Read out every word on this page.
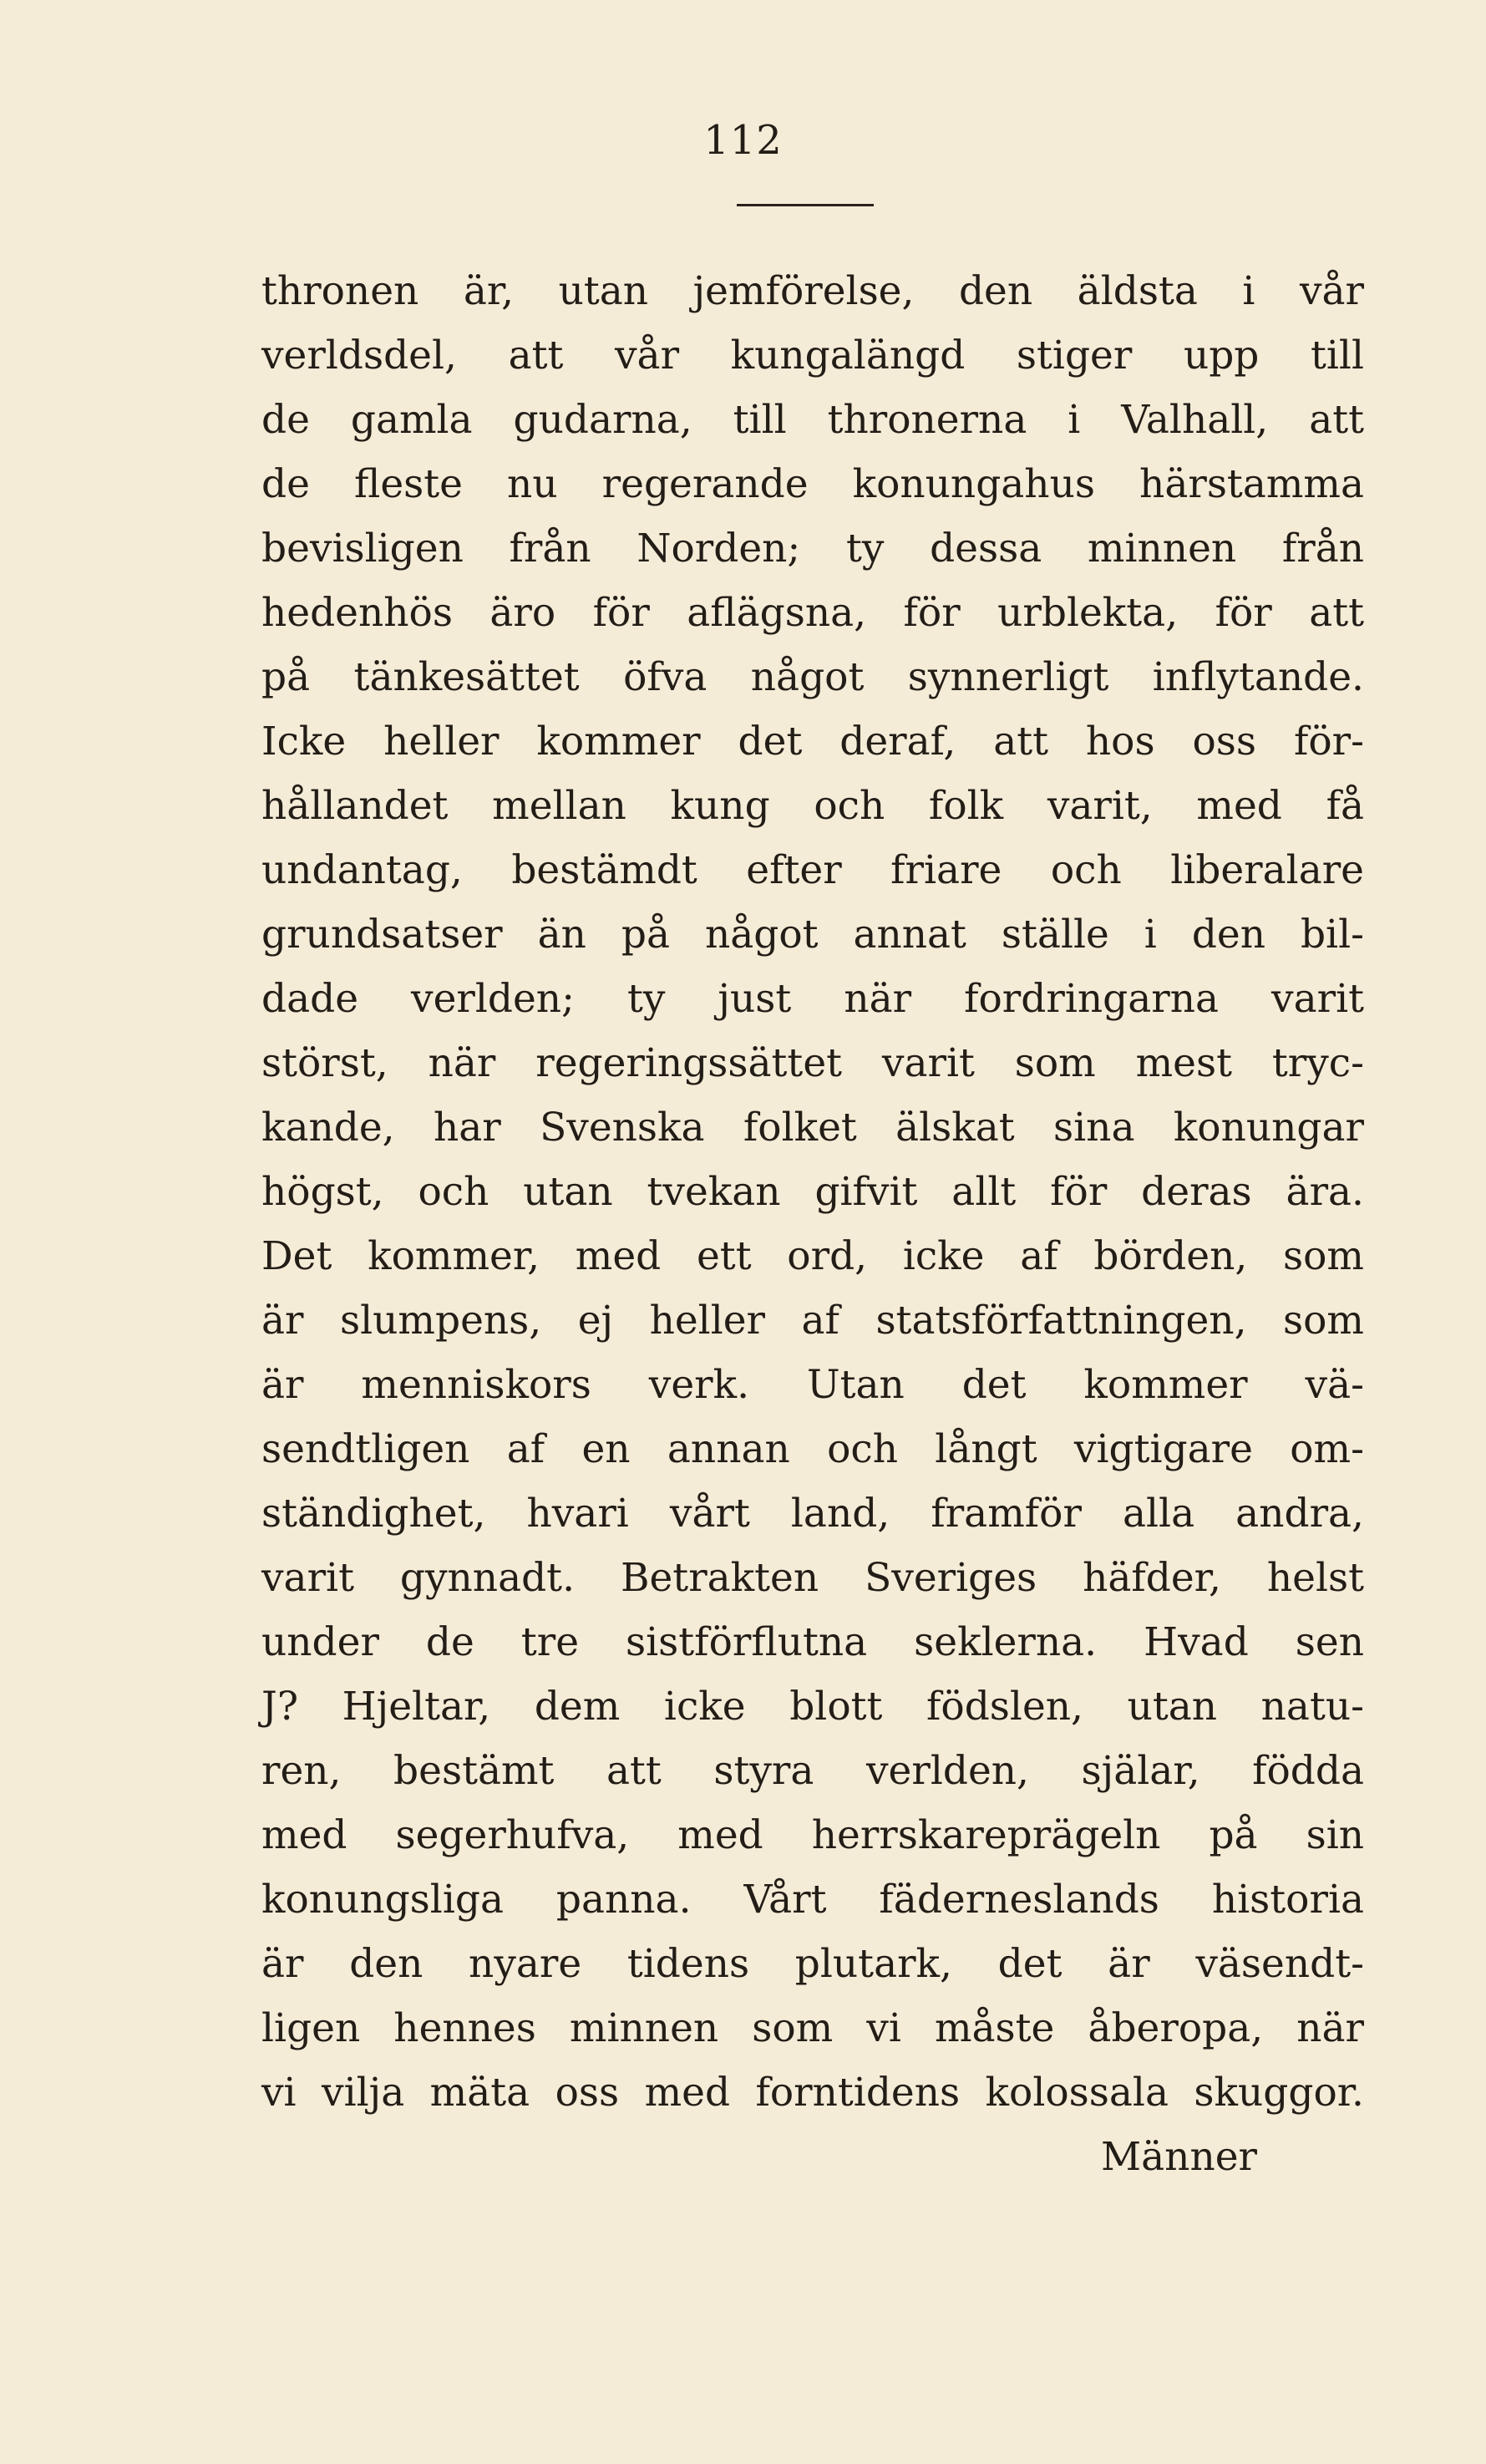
112
thronen är, utan jemförelse, den äldsta i vår
verldsdel, att vår kungalängd stiger upp till
de gamla gudarna, till thronerna i Valhall, att
de fleste nu regerande konungahus härstamma
bevisligen från Norden; ty dessa minnen från
hedenhös äro för aflägsna, för urblekta, för att
på tänkesättet öfva något synnerligt inflytande.
Icke heller kommer det deraf, att hos oss för-
hållandet mellan kung och folk varit, med få
undantag, bestämdt efter friare och liberalare
grundsatser än på något annat ställe i den bil-
dade verlden; ty just när fordringarna varit
störst, när regeringssättet varit som mest tryc-
kande, har Svenska folket älskat sina konungar
högst, och utan tvekan gifvit allt för deras ära.
Det kommer, med ett ord, icke af börden, som
är slumpens, ej heller af statsförfattningen, som
är menniskors verk. Utan det kommer vä-
sendtligen af en annan och långt vigtigare om-
ständighet, hvari vårt land, framför alla andra,
varit gynnadt. Betrakten Sveriges häfder, helst
under de tre sistförflutna seklerna. Hvad sen
J? Hjeltar, dem icke blott födslen, utan natu-
ren, bestämt att styra verlden, själar, födda
med segerhufva, med herrskareprägeln på sin
konungsliga panna. Vårt fäderneslands historia
är den nyare tidens plutark, det är väsendt-
ligen hennes minnen som vi måste åberopa, när
vi vilja mäta oss med forntidens kolossala skuggor.
Männer
